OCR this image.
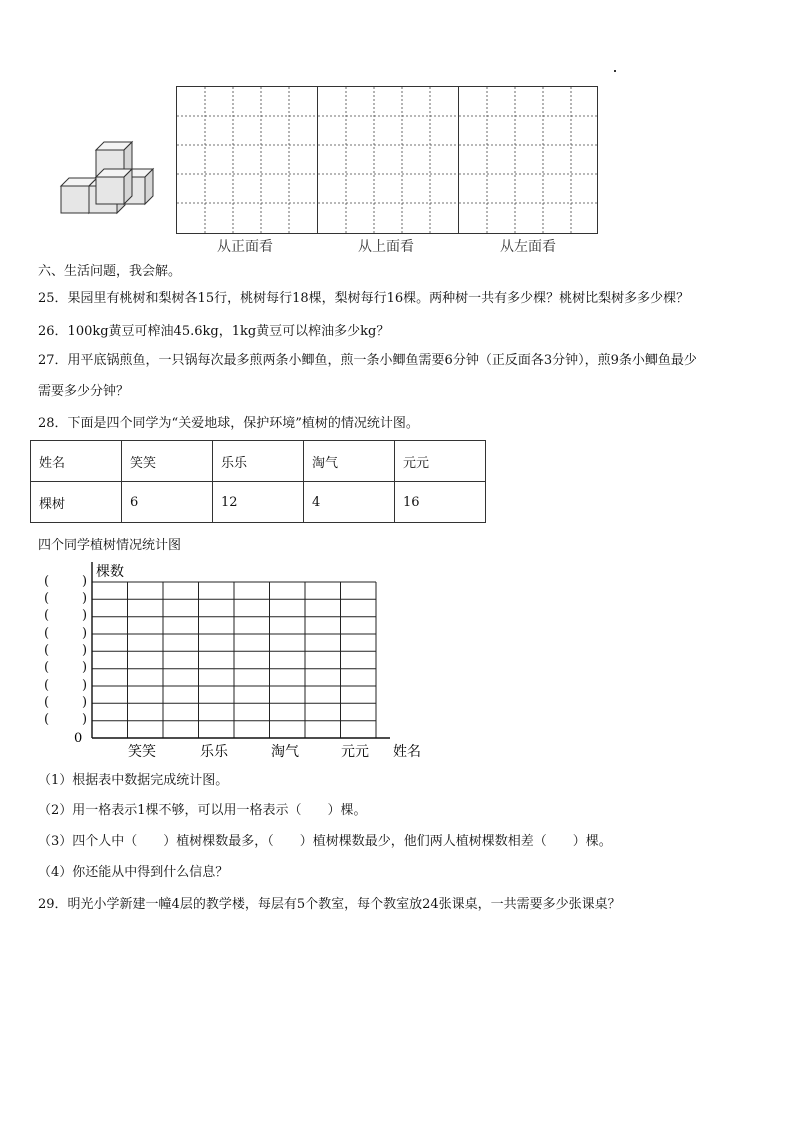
从正面看	从上面看	从左面看
六、生活问题，我会解。
25．果园里有桃树和梨树各15行，桃树每行18棵，梨树每行16棵。两种树一共有多少棵？桃树比梨树多多少棵？
26．100kg黄豆可榨油45.6kg，1kg黄豆可以榨油多少kg？
27．用平底锅煎鱼，一只锅每次最多煎两条小鲫鱼，煎一条小鲫鱼需要6分钟（正反面各3分钟），煎9条小鲫鱼最少
需要多少分钟？
28．下面是四个同学为“关爱地球，保护环境”植树的情况统计图。
姓名	笑笑	乐乐	淘气	元元
棵树	6	12	4	16
四个同学植树情况统计图
棵数
姓名
0
笑笑	乐乐	淘气	元元
(	)
(	)
(	)
(	)
(	)
(	)
(	)
(	)
(	)
（1）根据表中数据完成统计图。
（2）用一格表示1棵不够，可以用一格表示（　　）棵。
（3）四个人中（　　）植树棵数最多，（　　）植树棵数最少，他们两人植树棵数相差（　　）棵。
（4）你还能从中得到什么信息？
29．明光小学新建一幢4层的教学楼，每层有5个教室，每个教室放24张课桌，一共需要多少张课桌？
